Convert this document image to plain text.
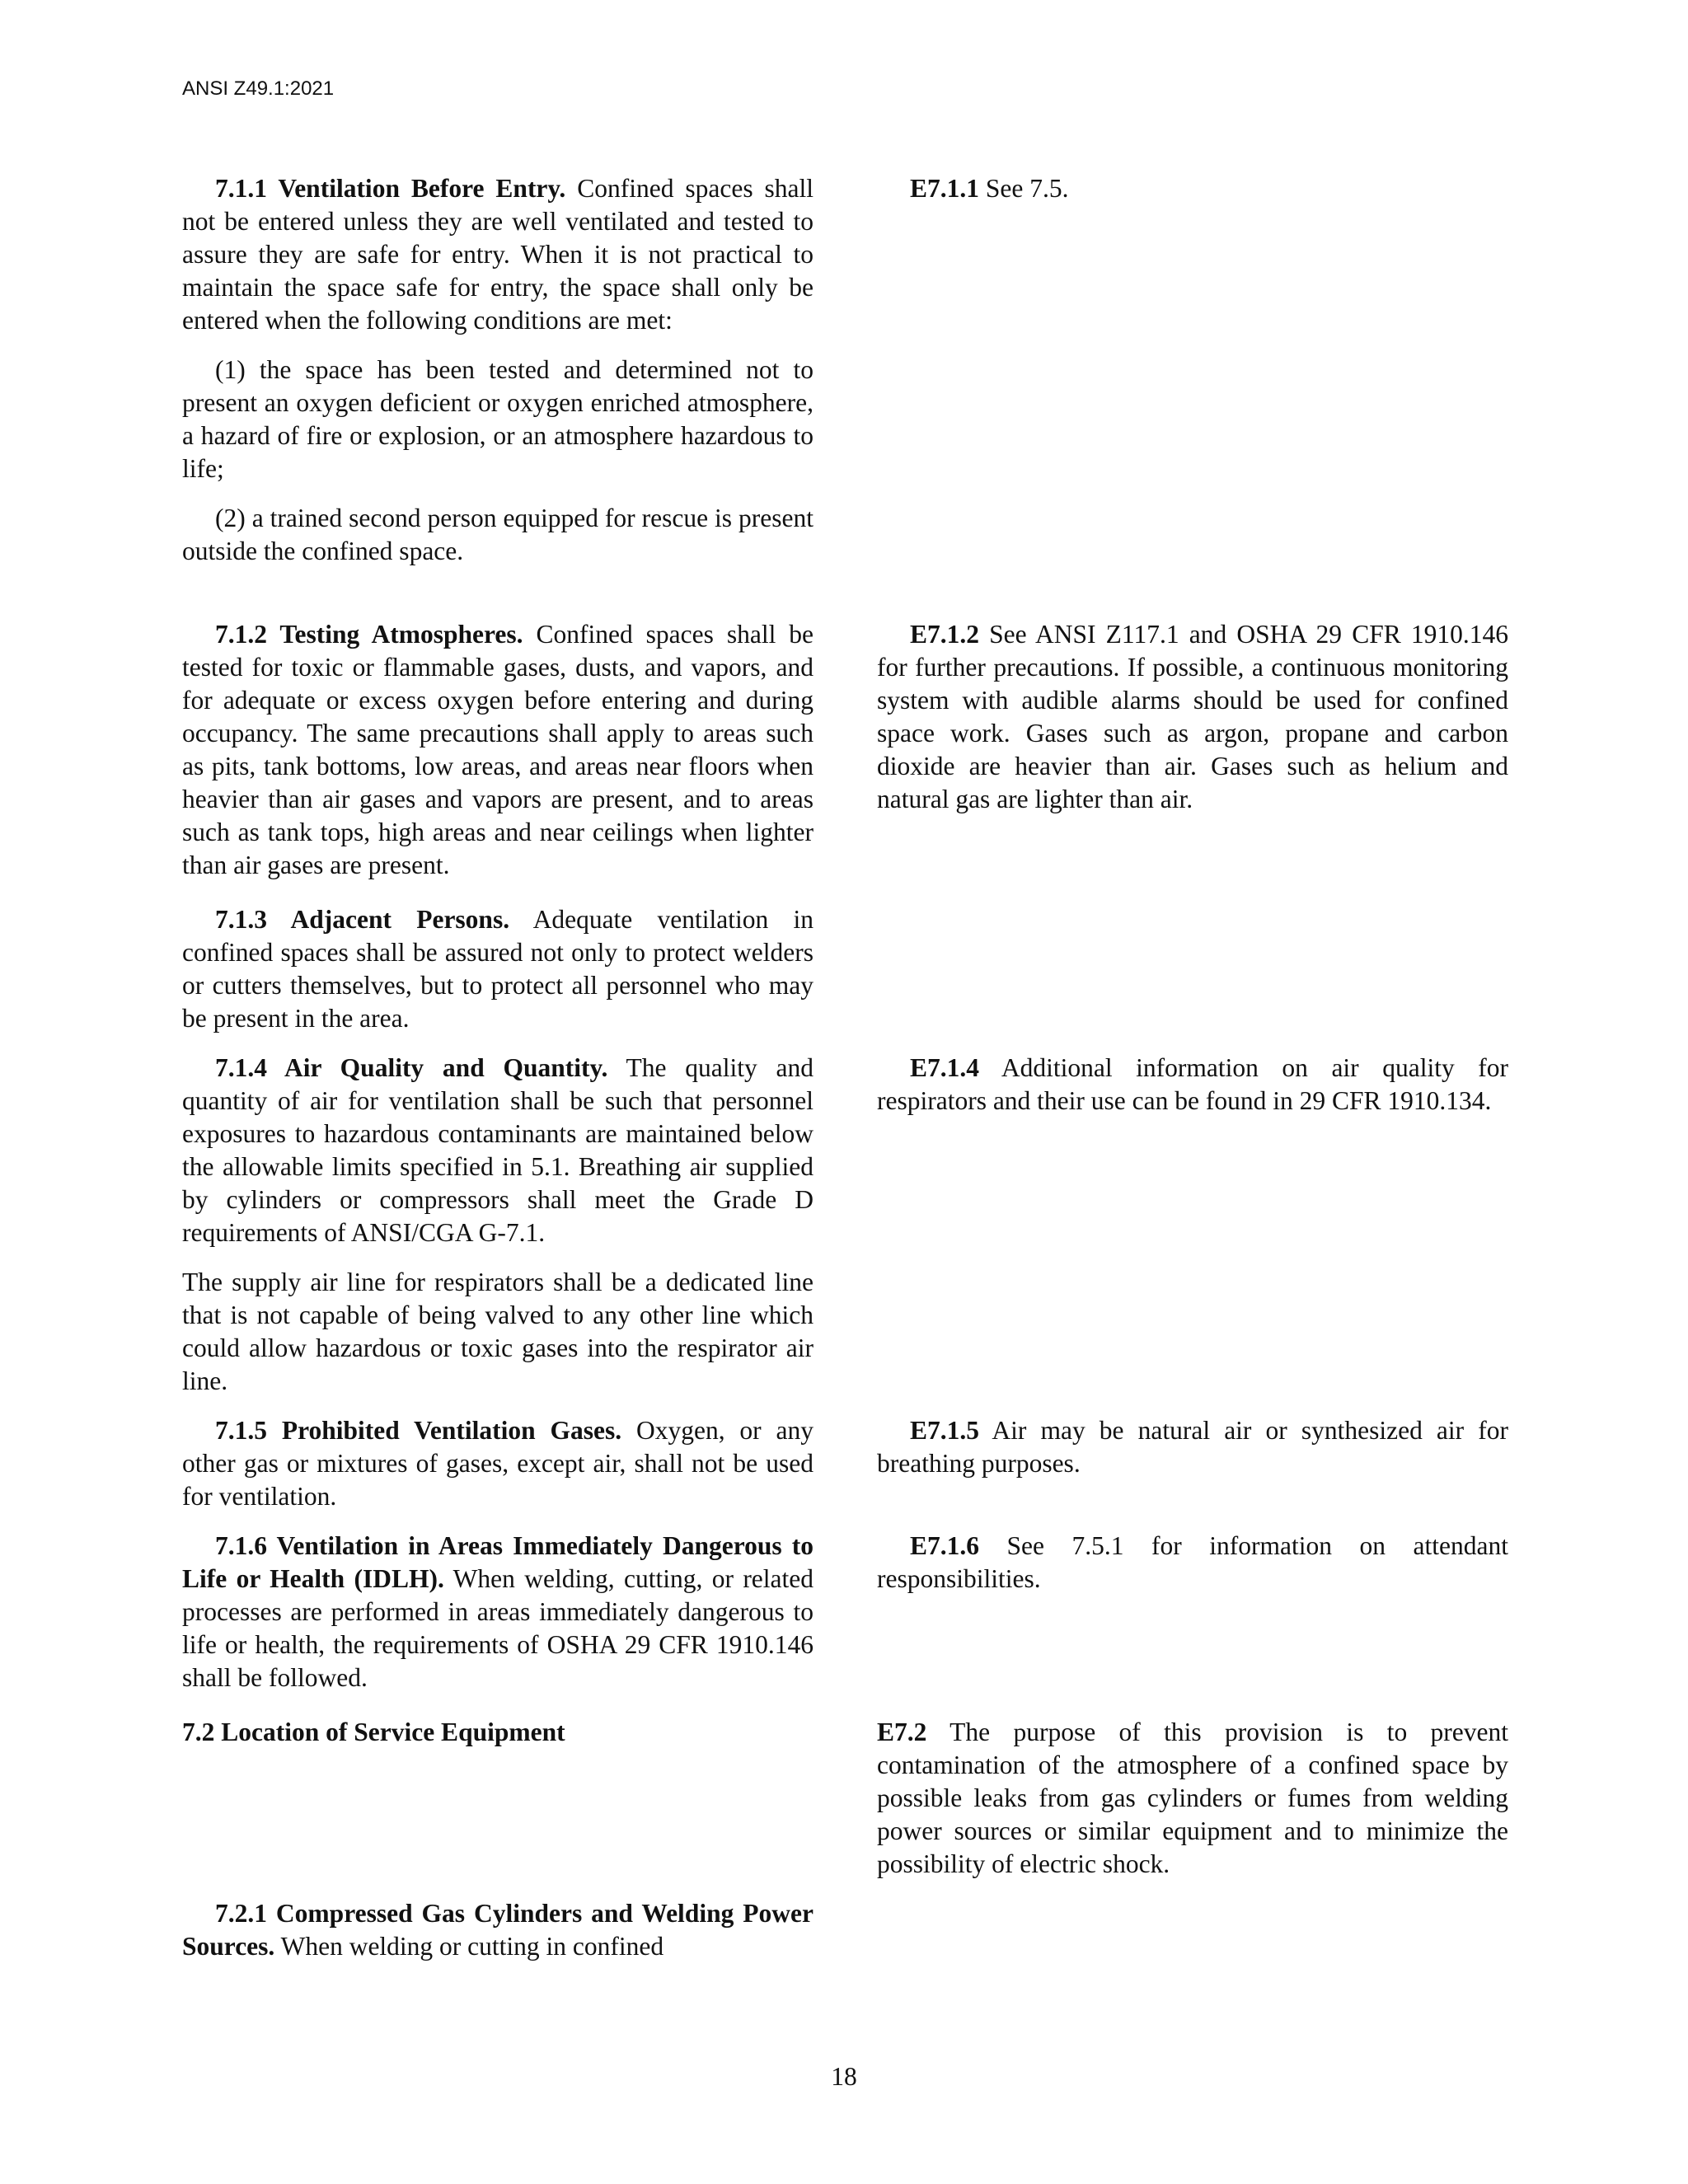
ANSI Z49.1:2021

7.1.1 Ventilation Before Entry. Confined spaces shall not be entered unless they are well ventilated and tested to assure they are safe for entry. When it is not practical to maintain the space safe for entry, the space shall only be entered when the following conditions are met:

(1) the space has been tested and determined not to present an oxygen deficient or oxygen enriched atmosphere, a hazard of fire or explosion, or an atmosphere hazardous to life;

(2) a trained second person equipped for rescue is present outside the confined space.

E7.1.1 See 7.5.

7.1.2 Testing Atmospheres. Confined spaces shall be tested for toxic or flammable gases, dusts, and vapors, and for adequate or excess oxygen before entering and during occupancy. The same precautions shall apply to areas such as pits, tank bottoms, low areas, and areas near floors when heavier than air gases and vapors are present, and to areas such as tank tops, high areas and near ceilings when lighter than air gases are present.

E7.1.2 See ANSI Z117.1 and OSHA 29 CFR 1910.146 for further precautions. If possible, a continuous monitoring system with audible alarms should be used for confined space work. Gases such as argon, propane and carbon dioxide are heavier than air. Gases such as helium and natural gas are lighter than air.

7.1.3 Adjacent Persons. Adequate ventilation in confined spaces shall be assured not only to protect welders or cutters themselves, but to protect all personnel who may be present in the area.

7.1.4 Air Quality and Quantity. The quality and quantity of air for ventilation shall be such that personnel exposures to hazardous contaminants are maintained below the allowable limits specified in 5.1. Breathing air supplied by cylinders or compressors shall meet the Grade D requirements of ANSI/CGA G-7.1.

The supply air line for respirators shall be a dedicated line that is not capable of being valved to any other line which could allow hazardous or toxic gases into the respirator air line.

E7.1.4 Additional information on air quality for respirators and their use can be found in 29 CFR 1910.134.

7.1.5 Prohibited Ventilation Gases. Oxygen, or any other gas or mixtures of gases, except air, shall not be used for ventilation.

E7.1.5 Air may be natural air or synthesized air for breathing purposes.

7.1.6 Ventilation in Areas Immediately Dangerous to Life or Health (IDLH). When welding, cutting, or related processes are performed in areas immediately dangerous to life or health, the requirements of OSHA 29 CFR 1910.146 shall be followed.

E7.1.6 See 7.5.1 for information on attendant responsibilities.

7.2 Location of Service Equipment	E7.2 The purpose of this provision is to prevent contamination of the atmosphere of a confined space by possible leaks from gas cylinders or fumes from welding power sources or similar equipment and to minimize the possibility of electric shock.

7.2.1 Compressed Gas Cylinders and Welding Power Sources. When welding or cutting in confined

18
